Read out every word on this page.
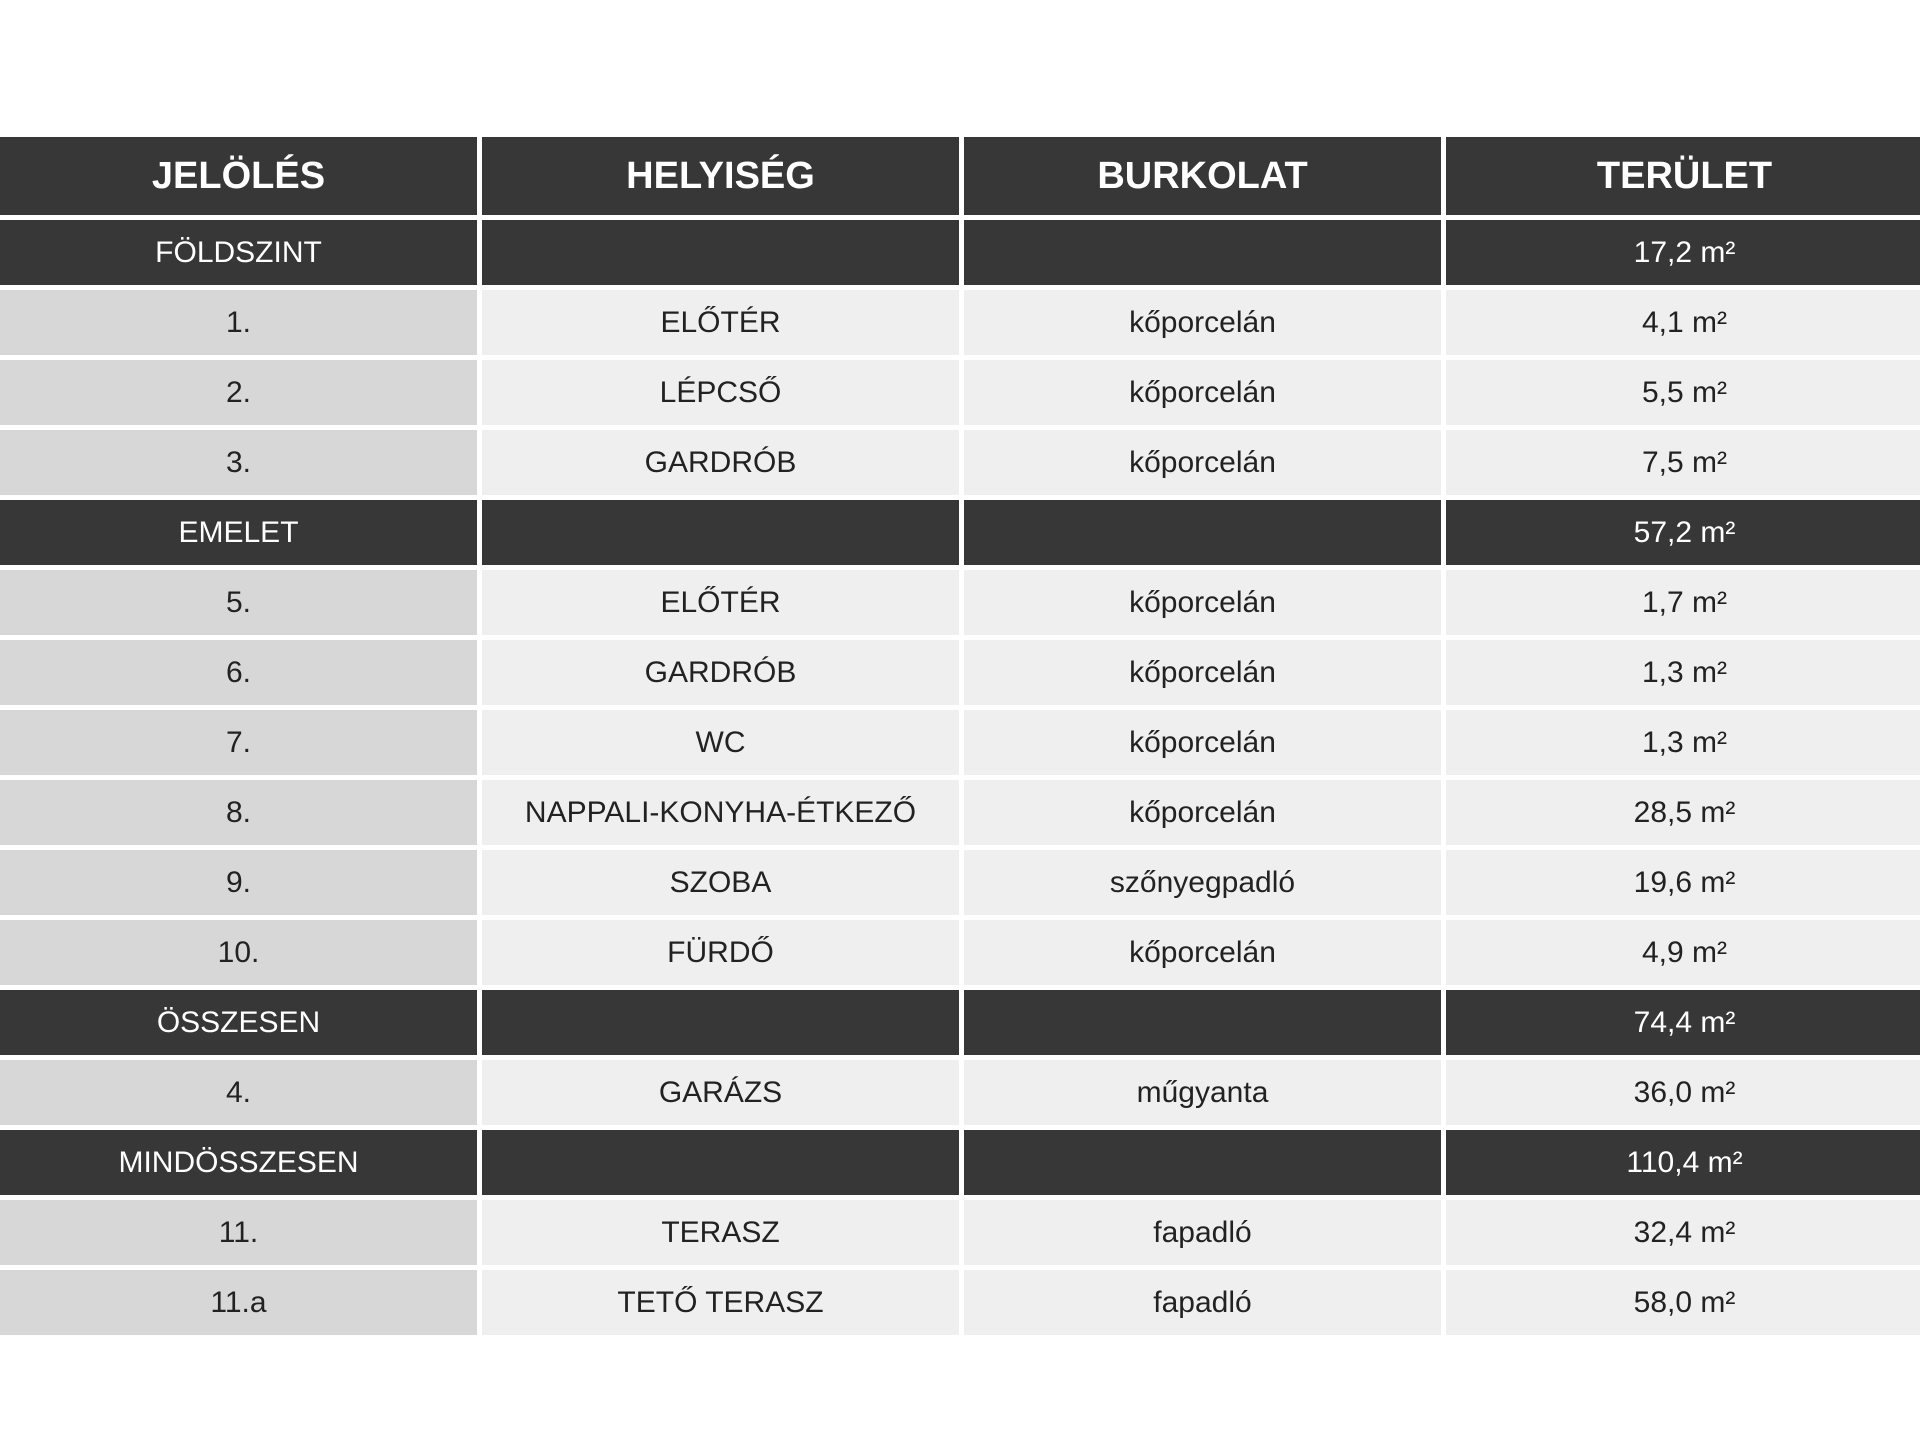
JELÖLÉS	HELYISÉG	BURKOLAT	TERÜLET
FÖLDSZINT	17,2 m²
1.	ELŐTÉR	kőporcelán	4,1 m²
2.	LÉPCSŐ	kőporcelán	5,5 m²
3.	GARDRÓB	kőporcelán	7,5 m²
EMELET	57,2 m²
5.	ELŐTÉR	kőporcelán	1,7 m²
6.	GARDRÓB	kőporcelán	1,3 m²
7.	WC	kőporcelán	1,3 m²
8.	NAPPALI-KONYHA-ÉTKEZŐ	kőporcelán	28,5 m²
9.	SZOBA	szőnyegpadló	19,6 m²
10.	FÜRDŐ	kőporcelán	4,9 m²
ÖSSZESEN	74,4 m²
4.	GARÁZS	műgyanta	36,0 m²
MINDÖSSZESEN	110,4 m²
11.	TERASZ	fapadló	32,4 m²
11.a	TETŐ TERASZ	fapadló	58,0 m²
